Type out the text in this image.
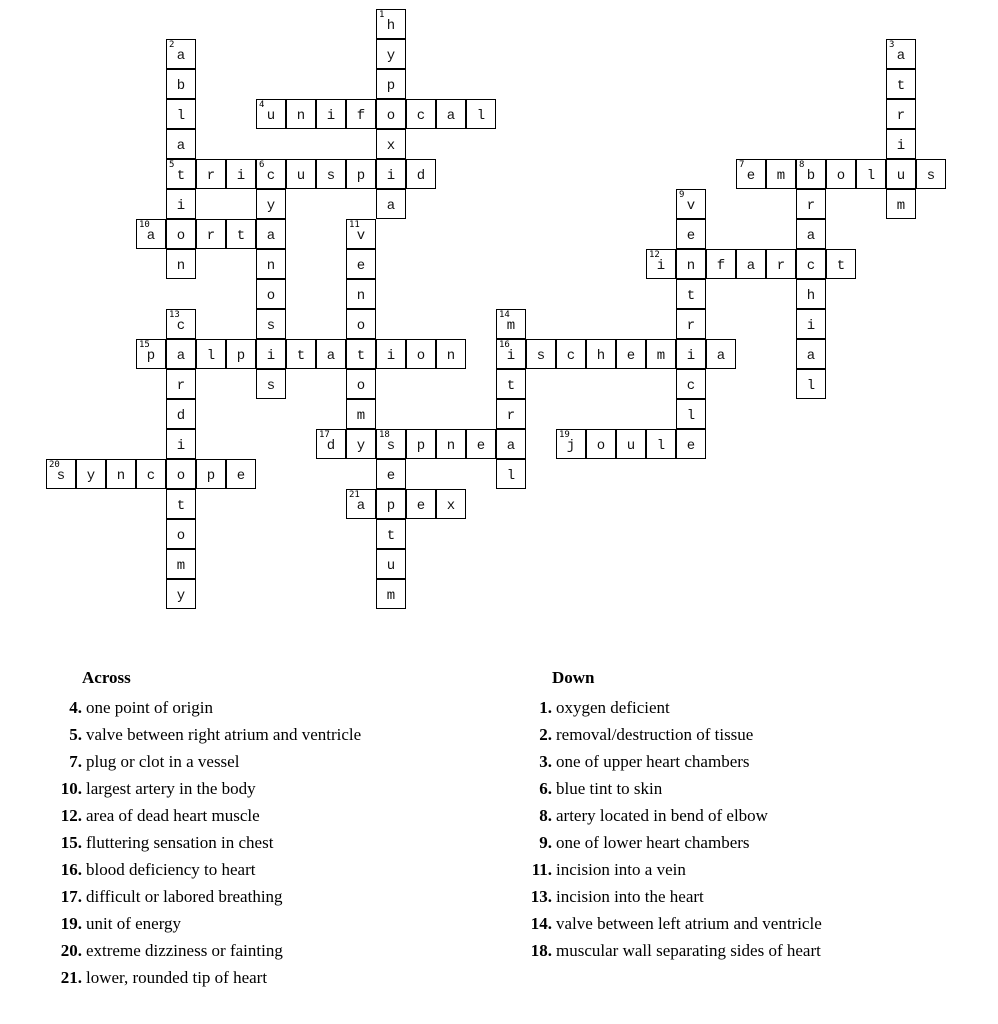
1
h
y
p
o
x
i
a
2
a
b
l
a
5
t
i
o
n
3
a
t
r
i
u
m
4
u	n	i	f	c	a	l
r	i
6
c	u	s	p	d
y
a
n
o
s
i
s
7
e	m
8
b	o	l	s
r
a
c
h
i
a
l
9
v
e
n
t
r
i
c
l
e
10
a	r	t
11
v
e
n
o
t
o
m
y
12
i	f	a	r	t
13
c
a
r
d
i
o
t
o
m
y
14
m
16
i
t
r
a
l
15
p	l	p	t	a	i	o	n	s	c	h	e	m	a
17
d
18
s	p	n	e
e
p
t
u
m
19
j	o	u	l
20
s	y	n	c	p	e
21
a	e	x
Across
4. one point of origin
5. valve between right atrium and ventricle
7. plug or clot in a vessel
10. largest artery in the body
12. area of dead heart muscle
15. fluttering sensation in chest
16. blood deficiency to heart
17. difficult or labored breathing
19. unit of energy
20. extreme dizziness or fainting
21. lower, rounded tip of heart
Down
1. oxygen deficient
2. removal/destruction of tissue
3. one of upper heart chambers
6. blue tint to skin
8. artery located in bend of elbow
9. one of lower heart chambers
11. incision into a vein
13. incision into the heart
14. valve between left atrium and ventricle
18. muscular wall separating sides of heart
